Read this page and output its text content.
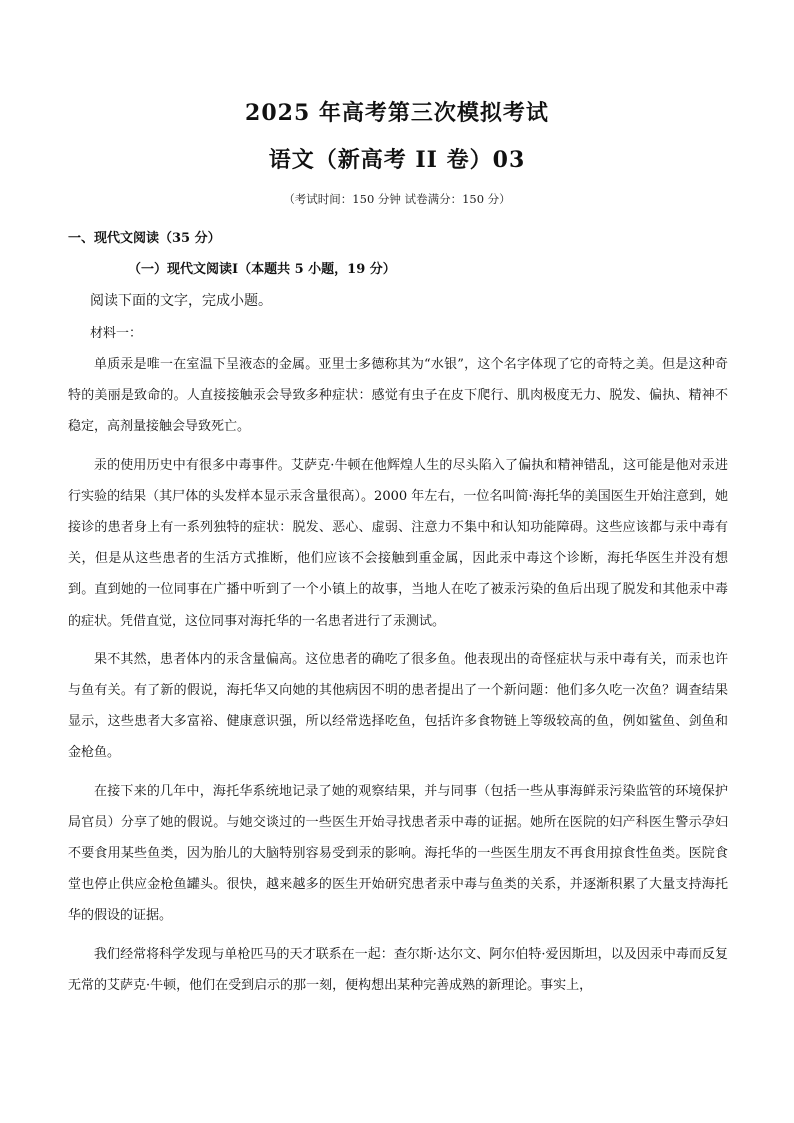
2025 年高考第三次模拟考试
语文（新高考 II 卷）03
（考试时间：150 分钟 试卷满分：150 分）
一、现代文阅读（35 分）
（一）现代文阅读Ⅰ（本题共 5 小题，19 分）
阅读下面的文字，完成小题。
材料一：

单质汞是唯一在室温下呈液态的金属。亚里士多德称其为“水银”，这个名字体现了它的奇特之美。但是这种奇特的美丽是致命的。人直接接触汞会导致多种症状：感觉有虫子在皮下爬行、肌肉极度无力、脱发、偏执、精神不稳定，高剂量接触会导致死亡。

汞的使用历史中有很多中毒事件。艾萨克·牛顿在他辉煌人生的尽头陷入了偏执和精神错乱，这可能是他对汞进行实验的结果（其尸体的头发样本显示汞含量很高）。2000 年左右，一位名叫简·海托华的美国医生开始注意到，她接诊的患者身上有一系列独特的症状：脱发、恶心、虚弱、注意力不集中和认知功能障碍。这些应该都与汞中毒有关，但是从这些患者的生活方式推断，他们应该不会接触到重金属，因此汞中毒这个诊断，海托华医生并没有想到。直到她的一位同事在广播中听到了一个小镇上的故事，当地人在吃了被汞污染的鱼后出现了脱发和其他汞中毒的症状。凭借直觉，这位同事对海托华的一名患者进行了汞测试。

果不其然，患者体内的汞含量偏高。这位患者的确吃了很多鱼。他表现出的奇怪症状与汞中毒有关，而汞也许与鱼有关。有了新的假说，海托华又向她的其他病因不明的患者提出了一个新问题：他们多久吃一次鱼？调查结果显示，这些患者大多富裕、健康意识强，所以经常选择吃鱼，包括许多食物链上等级较高的鱼，例如鲨鱼、剑鱼和金枪鱼。

在接下来的几年中，海托华系统地记录了她的观察结果，并与同事（包括一些从事海鲜汞污染监管的环境保护局官员）分享了她的假说。与她交谈过的一些医生开始寻找患者汞中毒的证据。她所在医院的妇产科医生警示孕妇不要食用某些鱼类，因为胎儿的大脑特别容易受到汞的影响。海托华的一些医生朋友不再食用掠食性鱼类。医院食堂也停止供应金枪鱼罐头。很快，越来越多的医生开始研究患者汞中毒与鱼类的关系，并逐渐积累了大量支持海托华的假设的证据。

我们经常将科学发现与单枪匹马的天才联系在一起：查尔斯·达尔文、阿尔伯特·爱因斯坦，以及因汞中毒而反复无常的艾萨克·牛顿，他们在受到启示的那一刻，便构想出某种完善成熟的新理论。事实上，
